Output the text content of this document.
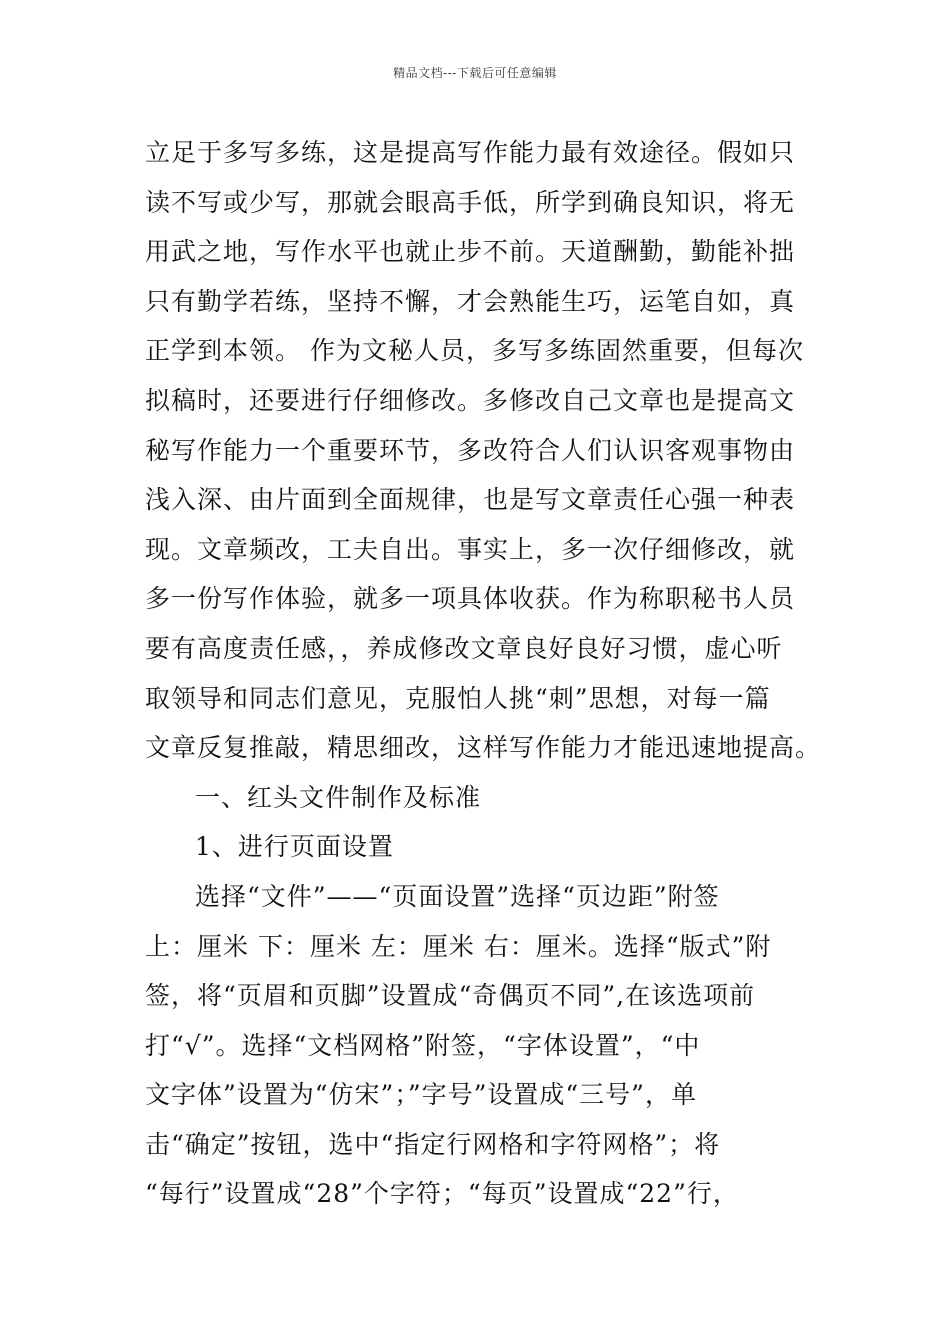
精品文档---下载后可任意编辑
立足于多写多练，这是提高写作能力最有效途径。假如只
读不写或少写，那就会眼高手低，所学到确良知识，将无
用武之地，写作水平也就止步不前。天道酬勤，勤能补拙
只有勤学若练，坚持不懈，才会熟能生巧，运笔自如，真
正学到本领。 作为文秘人员，多写多练固然重要，但每次
拟稿时，还要进行仔细修改。多修改自己文章也是提高文
秘写作能力一个重要环节，多改符合人们认识客观事物由
浅入深、由片面到全面规律，也是写文章责任心强一种表
现。文章频改，工夫自出。事实上，多一次仔细修改，就
多一份写作体验，就多一项具体收获。作为称职秘书人员
要有高度责任感，，养成修改文章良好良好习惯，虚心听
取领导和同志们意见，克服怕人挑“刺”思想，对每一篇
文章反复推敲，精思细改，这样写作能力才能迅速地提高。
一、红头文件制作及标准
1、进行页面设置
选择“文件”——“页面设置”选择“页边距”附签
上：厘米 下：厘米 左：厘米 右：厘米。选择“版式”附
签，将“页眉和页脚”设置成“奇偶页不同”,在该选项前
打“√”。选择“文档网格”附签，“字体设置”，“中
文字体”设置为“仿宋”；”字号”设置成“三号”，单
击“确定”按钮，选中“指定行网格和字符网格”；将
“每行”设置成“28”个字符；“每页”设置成“22”行，
